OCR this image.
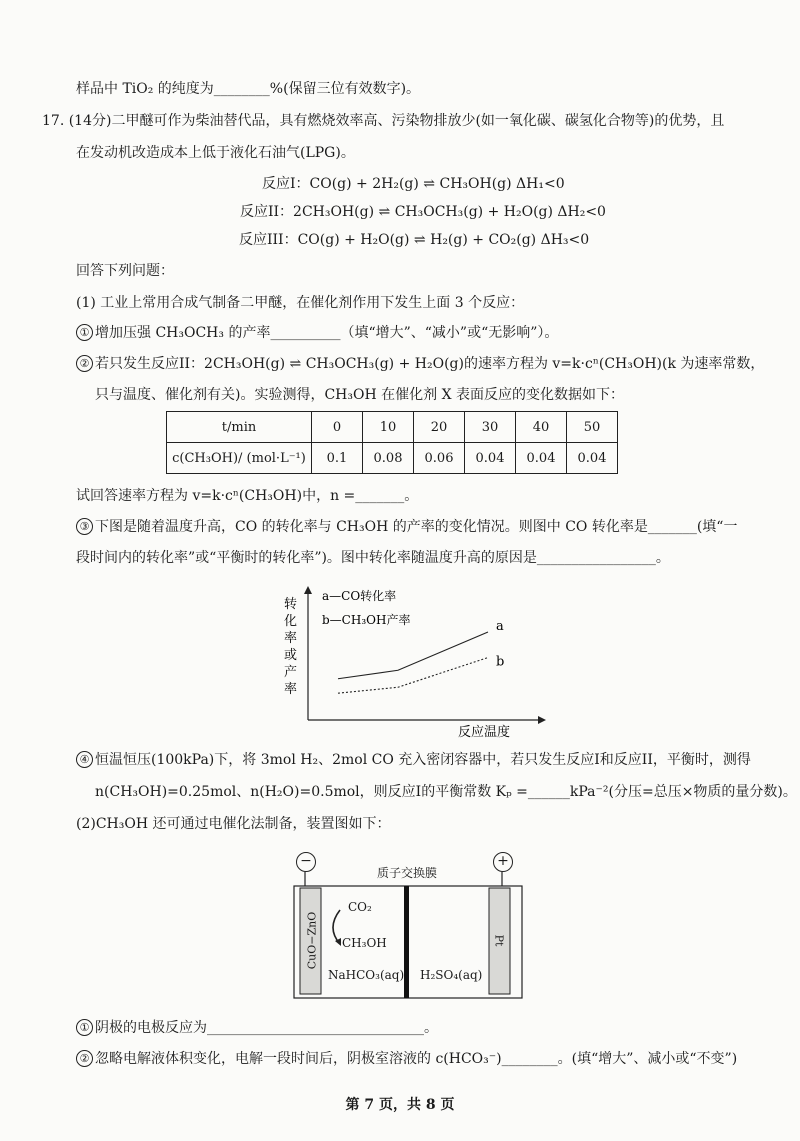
样品中 TiO₂ 的纯度为________%(保留三位有效数字)。
17. (14分)二甲醚可作为柴油替代品，具有燃烧效率高、污染物排放少(如一氧化碳、碳氢化合物等)的优势，且
在发动机改造成本上低于液化石油气(LPG)。
反应I：CO(g) + 2H₂(g) ⇌ CH₃OH(g) ΔH₁<0
反应II：2CH₃OH(g) ⇌ CH₃OCH₃(g) + H₂O(g) ΔH₂<0
反应III：CO(g) + H₂O(g) ⇌ H₂(g) + CO₂(g) ΔH₃<0
回答下列问题：
(1) 工业上常用合成气制备二甲醚，在催化剂作用下发生上面 3 个反应：
① 增加压强 CH₃OCH₃ 的产率__________（填“增大”、“减小”或“无影响”）。
② 若只发生反应II：2CH₃OH(g) ⇌ CH₃OCH₃(g) + H₂O(g)的速率方程为 v=k·cⁿ(CH₃OH)(k 为速率常数，
只与温度、催化剂有关)。实验测得，CH₃OH 在催化剂 X 表面反应的变化数据如下：
t/min	0	10	20	30	40	50
c(CH₃OH)/ (mol·L⁻¹)	0.1	0.08	0.06	0.04	0.04	0.04
试回答速率方程为 v=k·cⁿ(CH₃OH)中，n =_______。
③ 下图是随着温度升高，CO 的转化率与 CH₃OH 的产率的变化情况。则图中 CO 转化率是_______(填“一
段时间内的转化率”或“平衡时的转化率”)。图中转化率随温度升高的原因是_________________。
a
b
a—CO转化率
b—CH₃OH产率
转
化
率
或
产
率
反应温度
④ 恒温恒压(100kPa)下，将 3mol H₂、2mol CO 充入密闭容器中，若只发生反应I和反应II，平衡时，测得
n(CH₃OH)=0.25mol、n(H₂O)=0.5mol，则反应I的平衡常数 Kₚ =______kPa⁻²(分压=总压×物质的量分数)。
(2)CH₃OH 还可通过电催化法制备，装置图如下：
−	+
质子交换膜
CuO−ZnO	Pt
CO₂
CH₃OH
NaHCO₃(aq) H₂SO₄(aq)
① 阴极的电极反应为_______________________________。
② 忽略电解液体积变化，电解一段时间后，阴极室溶液的 c(HCO₃⁻)________。(填“增大”、减小或“不变”)
第 7 页，共 8 页
